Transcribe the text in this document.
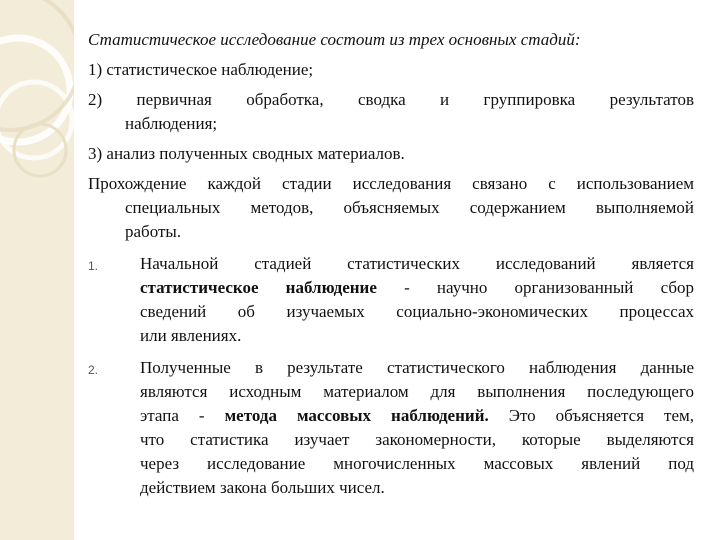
Статистическое исследование состоит из трех основных стадий:
1) статистическое наблюдение;
2) первичная обработка, сводка и группировка результатов
наблюдения;
3) анализ полученных сводных материалов.
Прохождение каждой стадии исследования связано с использованием
специальных методов, объясняемых содержанием выполняемой
работы.
1. Начальной стадией статистических исследований является
статистическое наблюдение - научно организованный сбор
сведений об изучаемых социально-экономических процессах
или явлениях.
2. Полученные в результате статистического наблюдения данные
являются исходным материалом для выполнения последующего
этапа - метода массовых наблюдений. Это объясняется тем,
что статистика изучает закономерности, которые выделяются
через исследование многочисленных массовых явлений под
действием закона больших чисел.
